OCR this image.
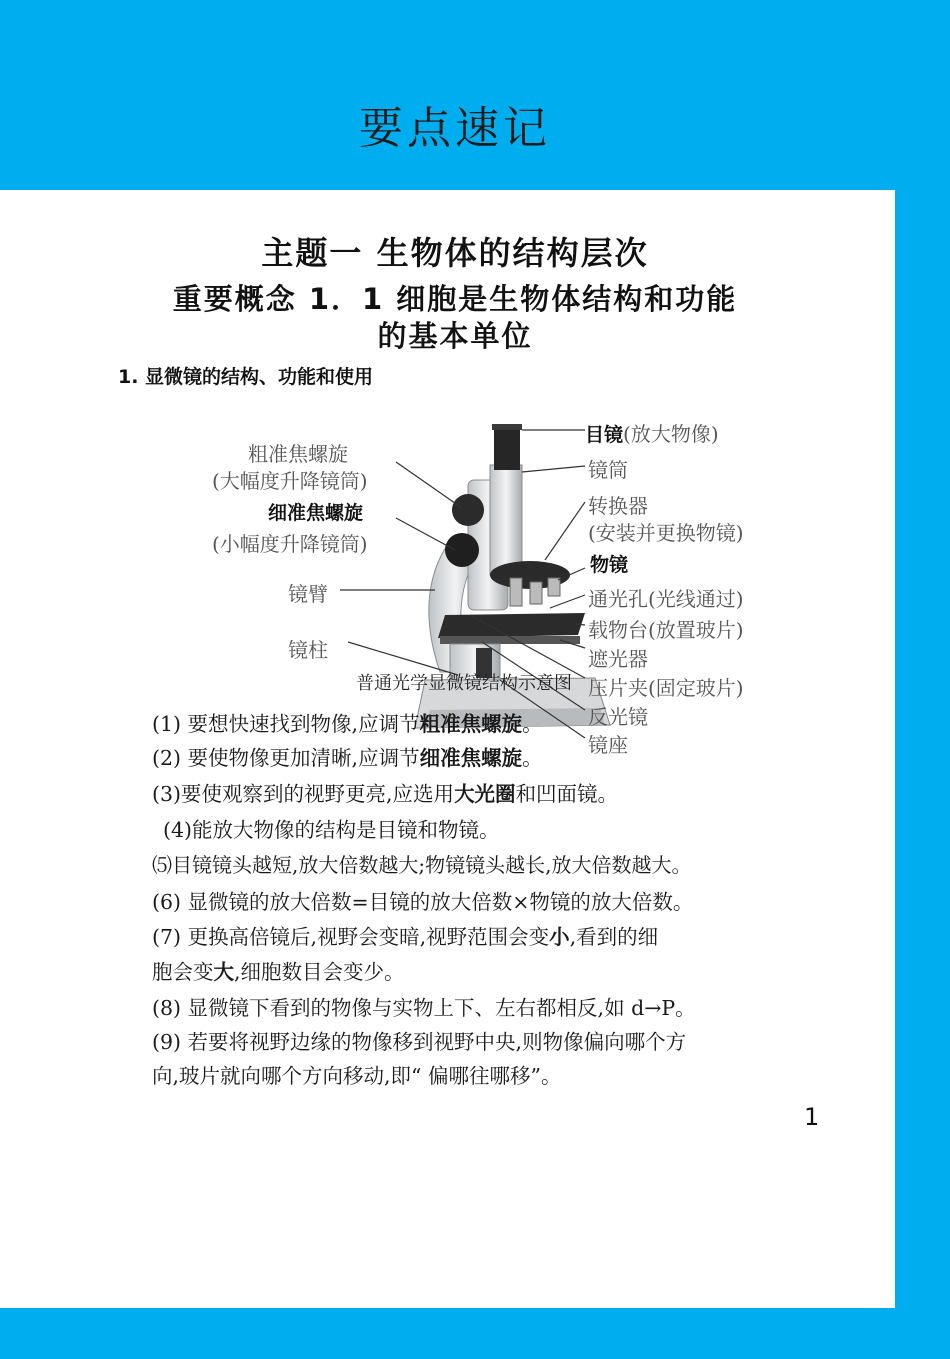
要点速记
主题一 生物体的结构层次
重要概念 1．1 细胞是生物体结构和功能
的基本单位
1. 显微镜的结构、功能和使用
粗准焦螺旋
(大幅度升降镜筒)
细准焦螺旋
(小幅度升降镜筒)
镜臂
镜柱
目镜(放大物像)
镜筒
转换器
(安装并更换物镜)
物镜
通光孔(光线通过)
载物台(放置玻片)
遮光器
压片夹(固定玻片)
反光镜
镜座
普通光学显微镜结构示意图
(1) 要想快速找到物像,应调节粗准焦螺旋。
(2) 要使物像更加清晰,应调节细准焦螺旋。
(3)要使观察到的视野更亮,应选用大光圈和凹面镜。
(4)能放大物像的结构是目镜和物镜。
⑸目镜镜头越短,放大倍数越大;物镜镜头越长,放大倍数越大。
(6) 显微镜的放大倍数=目镜的放大倍数×物镜的放大倍数。
(7) 更换高倍镜后,视野会变暗,视野范围会变小,看到的细
胞会变大,细胞数目会变少。
(8) 显微镜下看到的物像与实物上下、左右都相反,如 d→P。
(9) 若要将视野边缘的物像移到视野中央,则物像偏向哪个方
向,玻片就向哪个方向移动,即“ 偏哪往哪移”。
1
